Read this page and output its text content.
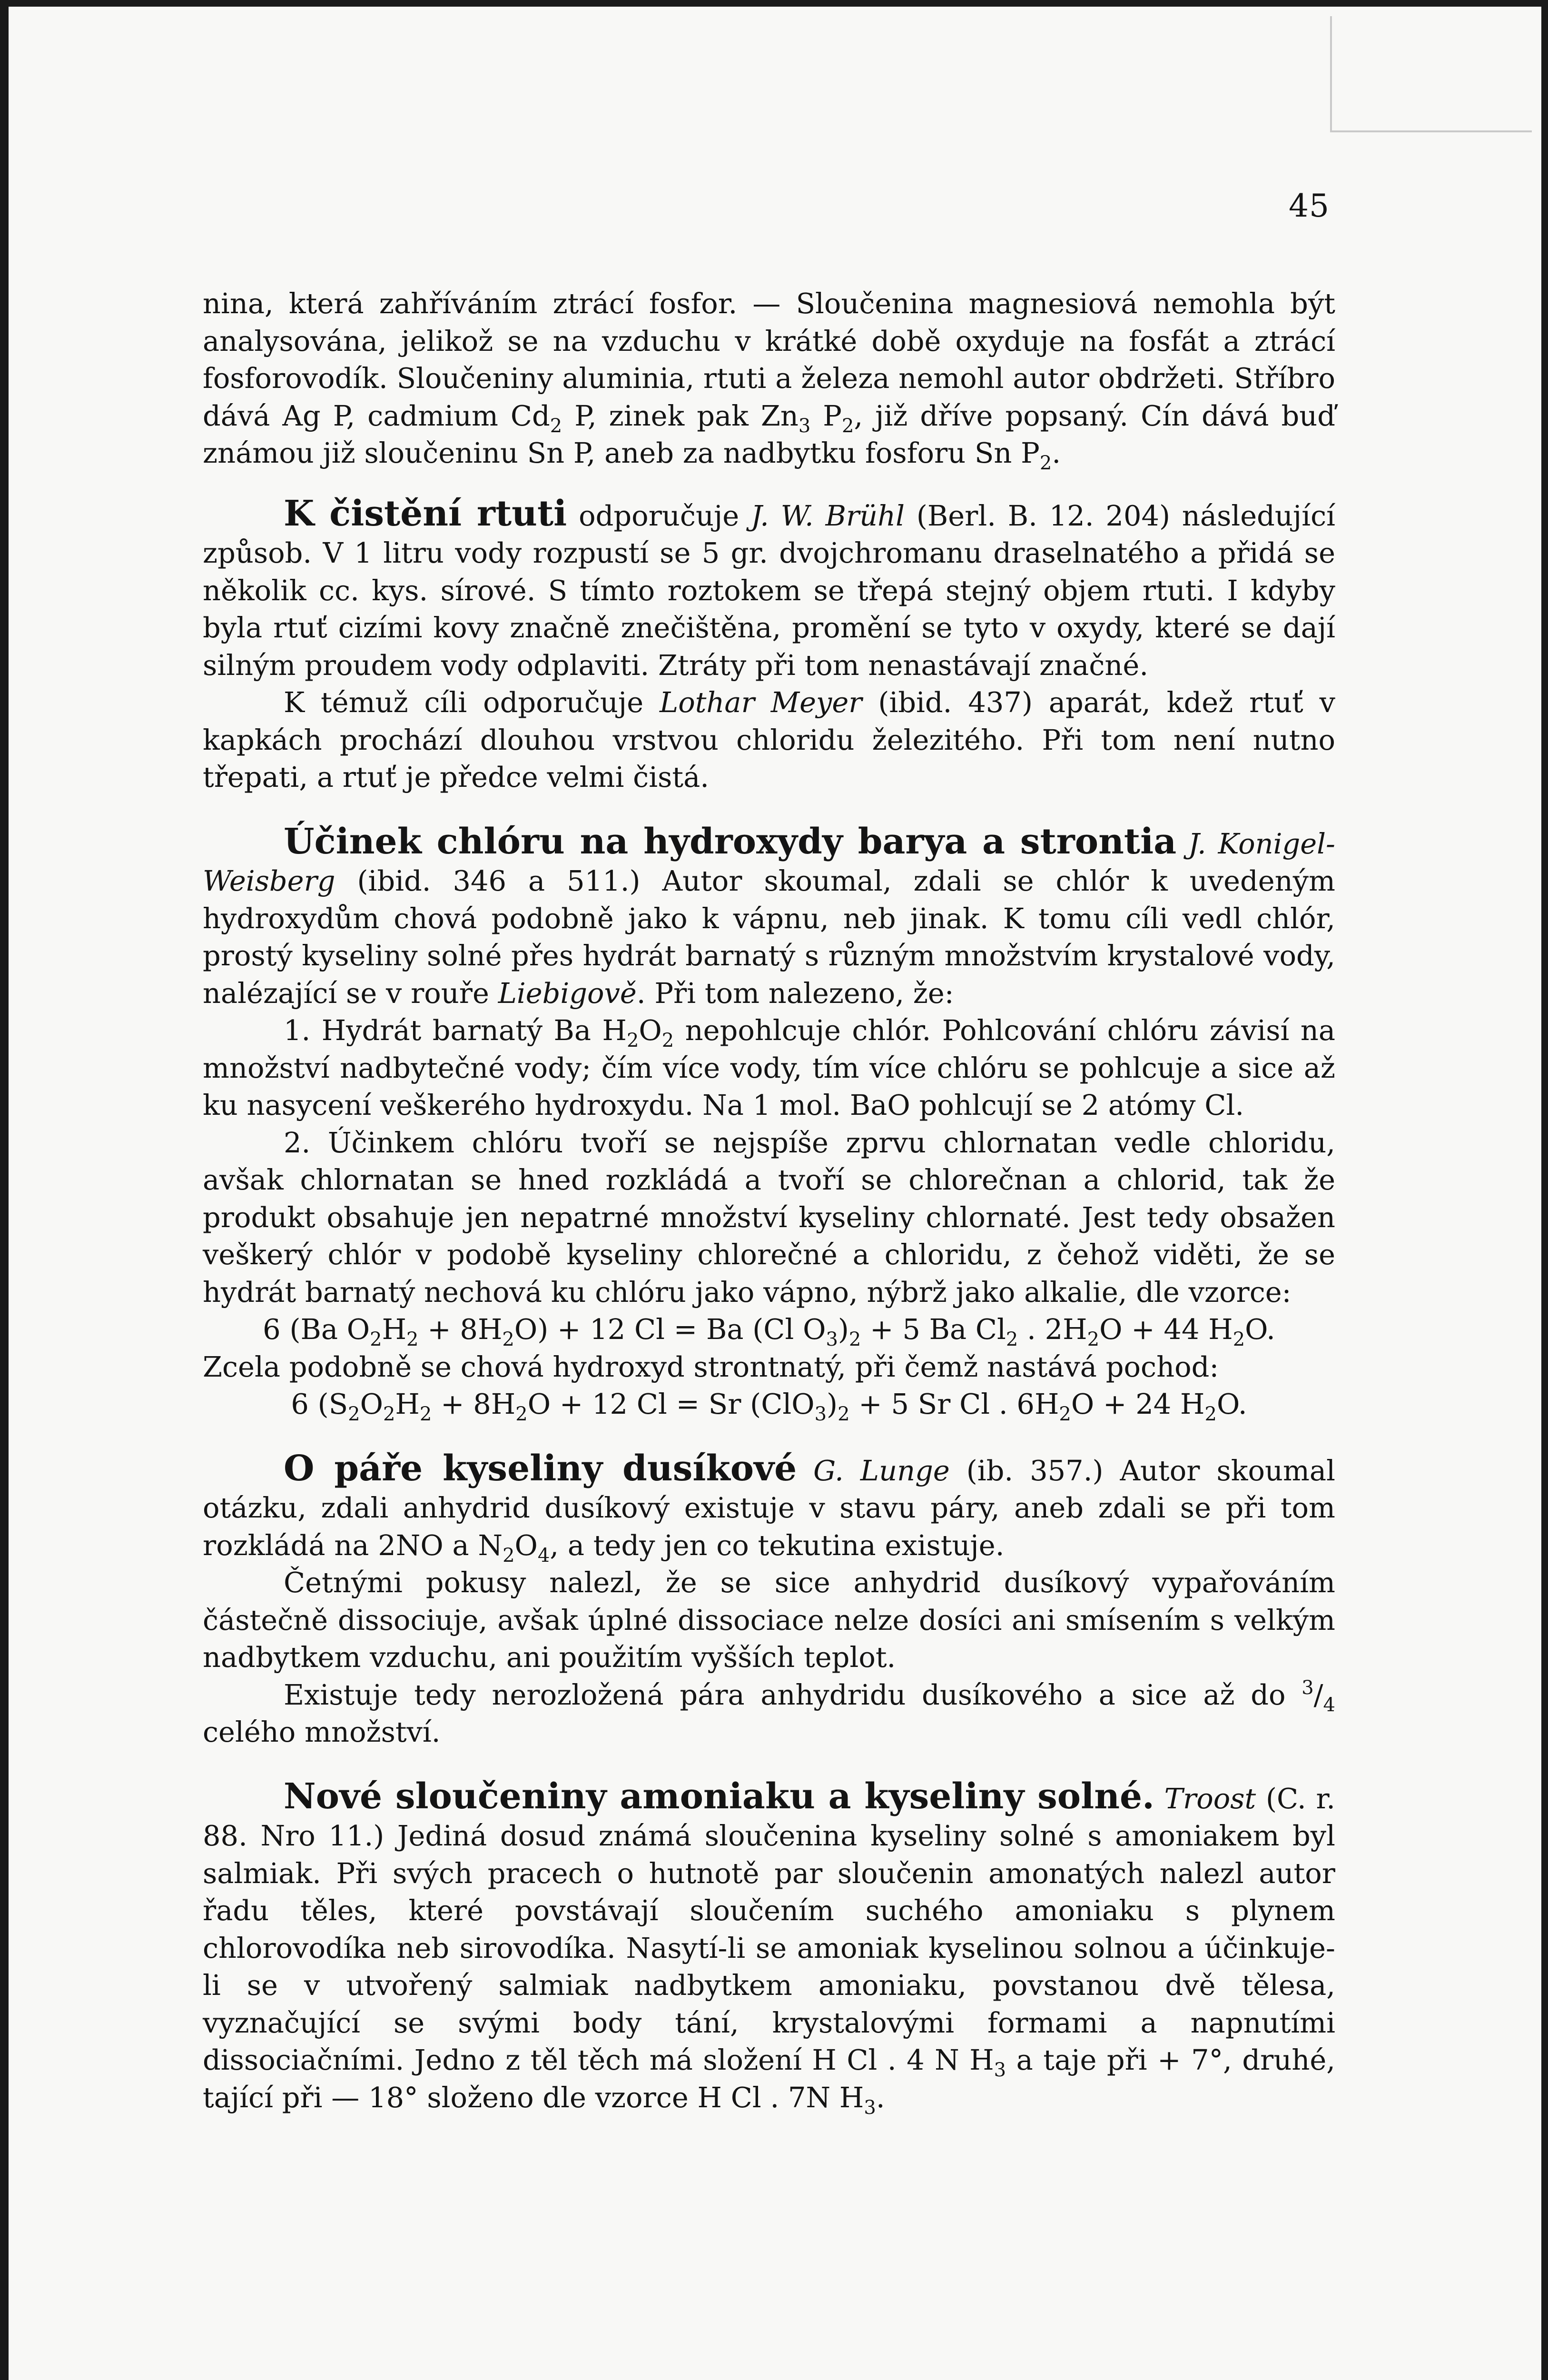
45

nina, která zahříváním ztrácí fosfor. — Sloučenina magnesiová nemohla být analysována, jelikož se na vzduchu v krátké době oxyduje na fosfát a ztrácí fosforovodík. Sloučeniny aluminia, rtuti a železa nemohl autor obdržeti. Stříbro dává Ag P, cadmium $Cd_2$ P, zinek pak $Zn_3$ $P_2$, již dříve popsaný. Cín dává buď známou již sloučeninu Sn P, aneb za nadbytku fosforu Sn $P_2$.

K čistění rtuti odporučuje J. W. Brühl (Berl. B. 12. 204) následující způsob. V 1 litru vody rozpustí se 5 gr. dvojchromanu draselnatého a přidá se několik cc. kys. sírové. S tímto roztokem se třepá stejný objem rtuti. I kdyby byla rtuť cizími kovy značně znečištěna, promění se tyto v oxydy, které se dají silným proudem vody odplaviti. Ztráty při tom nenastávají značné.

K témuž cíli odporučuje Lothar Meyer (ibid. 437) aparát, kdež rtuť v kapkách prochází dlouhou vrstvou chloridu železitého. Při tom není nutno třepati, a rtuť je předce velmi čistá.

Účinek chlóru na hydroxydy barya a strontia J. Konigel-Weisberg (ibid. 346 a 511.) Autor skoumal, zdali se chlór k uvedeným hydroxydům chová podobně jako k vápnu, neb jinak. K tomu cíli vedl chlór, prostý kyseliny solné přes hydrát barnatý s různým množstvím krystalové vody, nalézající se v rouře Liebigově. Při tom nalezeno, že:

1. Hydrát barnatý Ba $H_2O_2$ nepohlcuje chlór. Pohlcování chlóru závisí na množství nadbytečné vody; čím více vody, tím více chlóru se pohlcuje a sice až ku nasycení veškerého hydroxydu. Na 1 mol. BaO pohlcují se 2 atómy Cl.

2. Účinkem chlóru tvoří se nejspíše zprvu chlornatan vedle chloridu, avšak chlornatan se hned rozkládá a tvoří se chlorečnan a chlorid, tak že produkt obsahuje jen nepatrné množství kyseliny chlornaté. Jest tedy obsažen veškerý chlór v podobě kyseliny chlorečné a chloridu, z čehož viděti, že se hydrát barnatý nechová ku chlóru jako vápno, nýbrž jako alkalie, dle vzorce:

6 (Ba $O_2H_2 + 8H_2O) + 12$ Cl = Ba (Cl $O_3)_2 + 5$ Ba $Cl_2$ . $2H_2O + 44$ $H_2O$.

Zcela podobně se chová hydroxyd strontnatý, při čemž nastává pochod:

6 ($S_2O_2H_2 + 8H_2O + 12$ Cl = Sr $(ClO_3)_2 + 5$ Sr Cl . $6H_2O + 24$ $H_2O$.

O páře kyseliny dusíkové G. Lunge (ib. 357.) Autor skoumal otázku, zdali anhydrid dusíkový existuje v stavu páry, aneb zdali se při tom rozkládá na 2NO a $N_2O_4$, a tedy jen co tekutina existuje.

Četnými pokusy nalezl, že se sice anhydrid dusíkový vypařováním částečně dissociuje, avšak úplné dissociace nelze dosíci ani smísením s velkým nadbytkem vzduchu, ani použitím vyšších teplot.

Existuje tedy nerozložená pára anhydridu dusíkového a sice až do $^3/_4$ celého množství.

Nové sloučeniny amoniaku a kyseliny solné. Troost (C. r. 88. Nro 11.) Jediná dosud známá sloučenina kyseliny solné s amoniakem byl salmiak. Při svých pracech o hutnotě par sloučenin amonatých nalezl autor řadu těles, které povstávají sloučením suchého amoniaku s plynem chlorovodíka neb sirovodíka. Nasytí-li se amoniak kyselinou solnou a účinkuje-li se v utvořený salmiak nadbytkem amoniaku, povstanou dvě tělesa, vyznačující se svými body tání, krystalovými formami a napnutími dissociačními. Jedno z těl těch má složení H Cl . 4 N $H_3$ a taje při + 7°, druhé, tající při — 18° složeno dle vzorce H Cl . 7N $H_3$.
